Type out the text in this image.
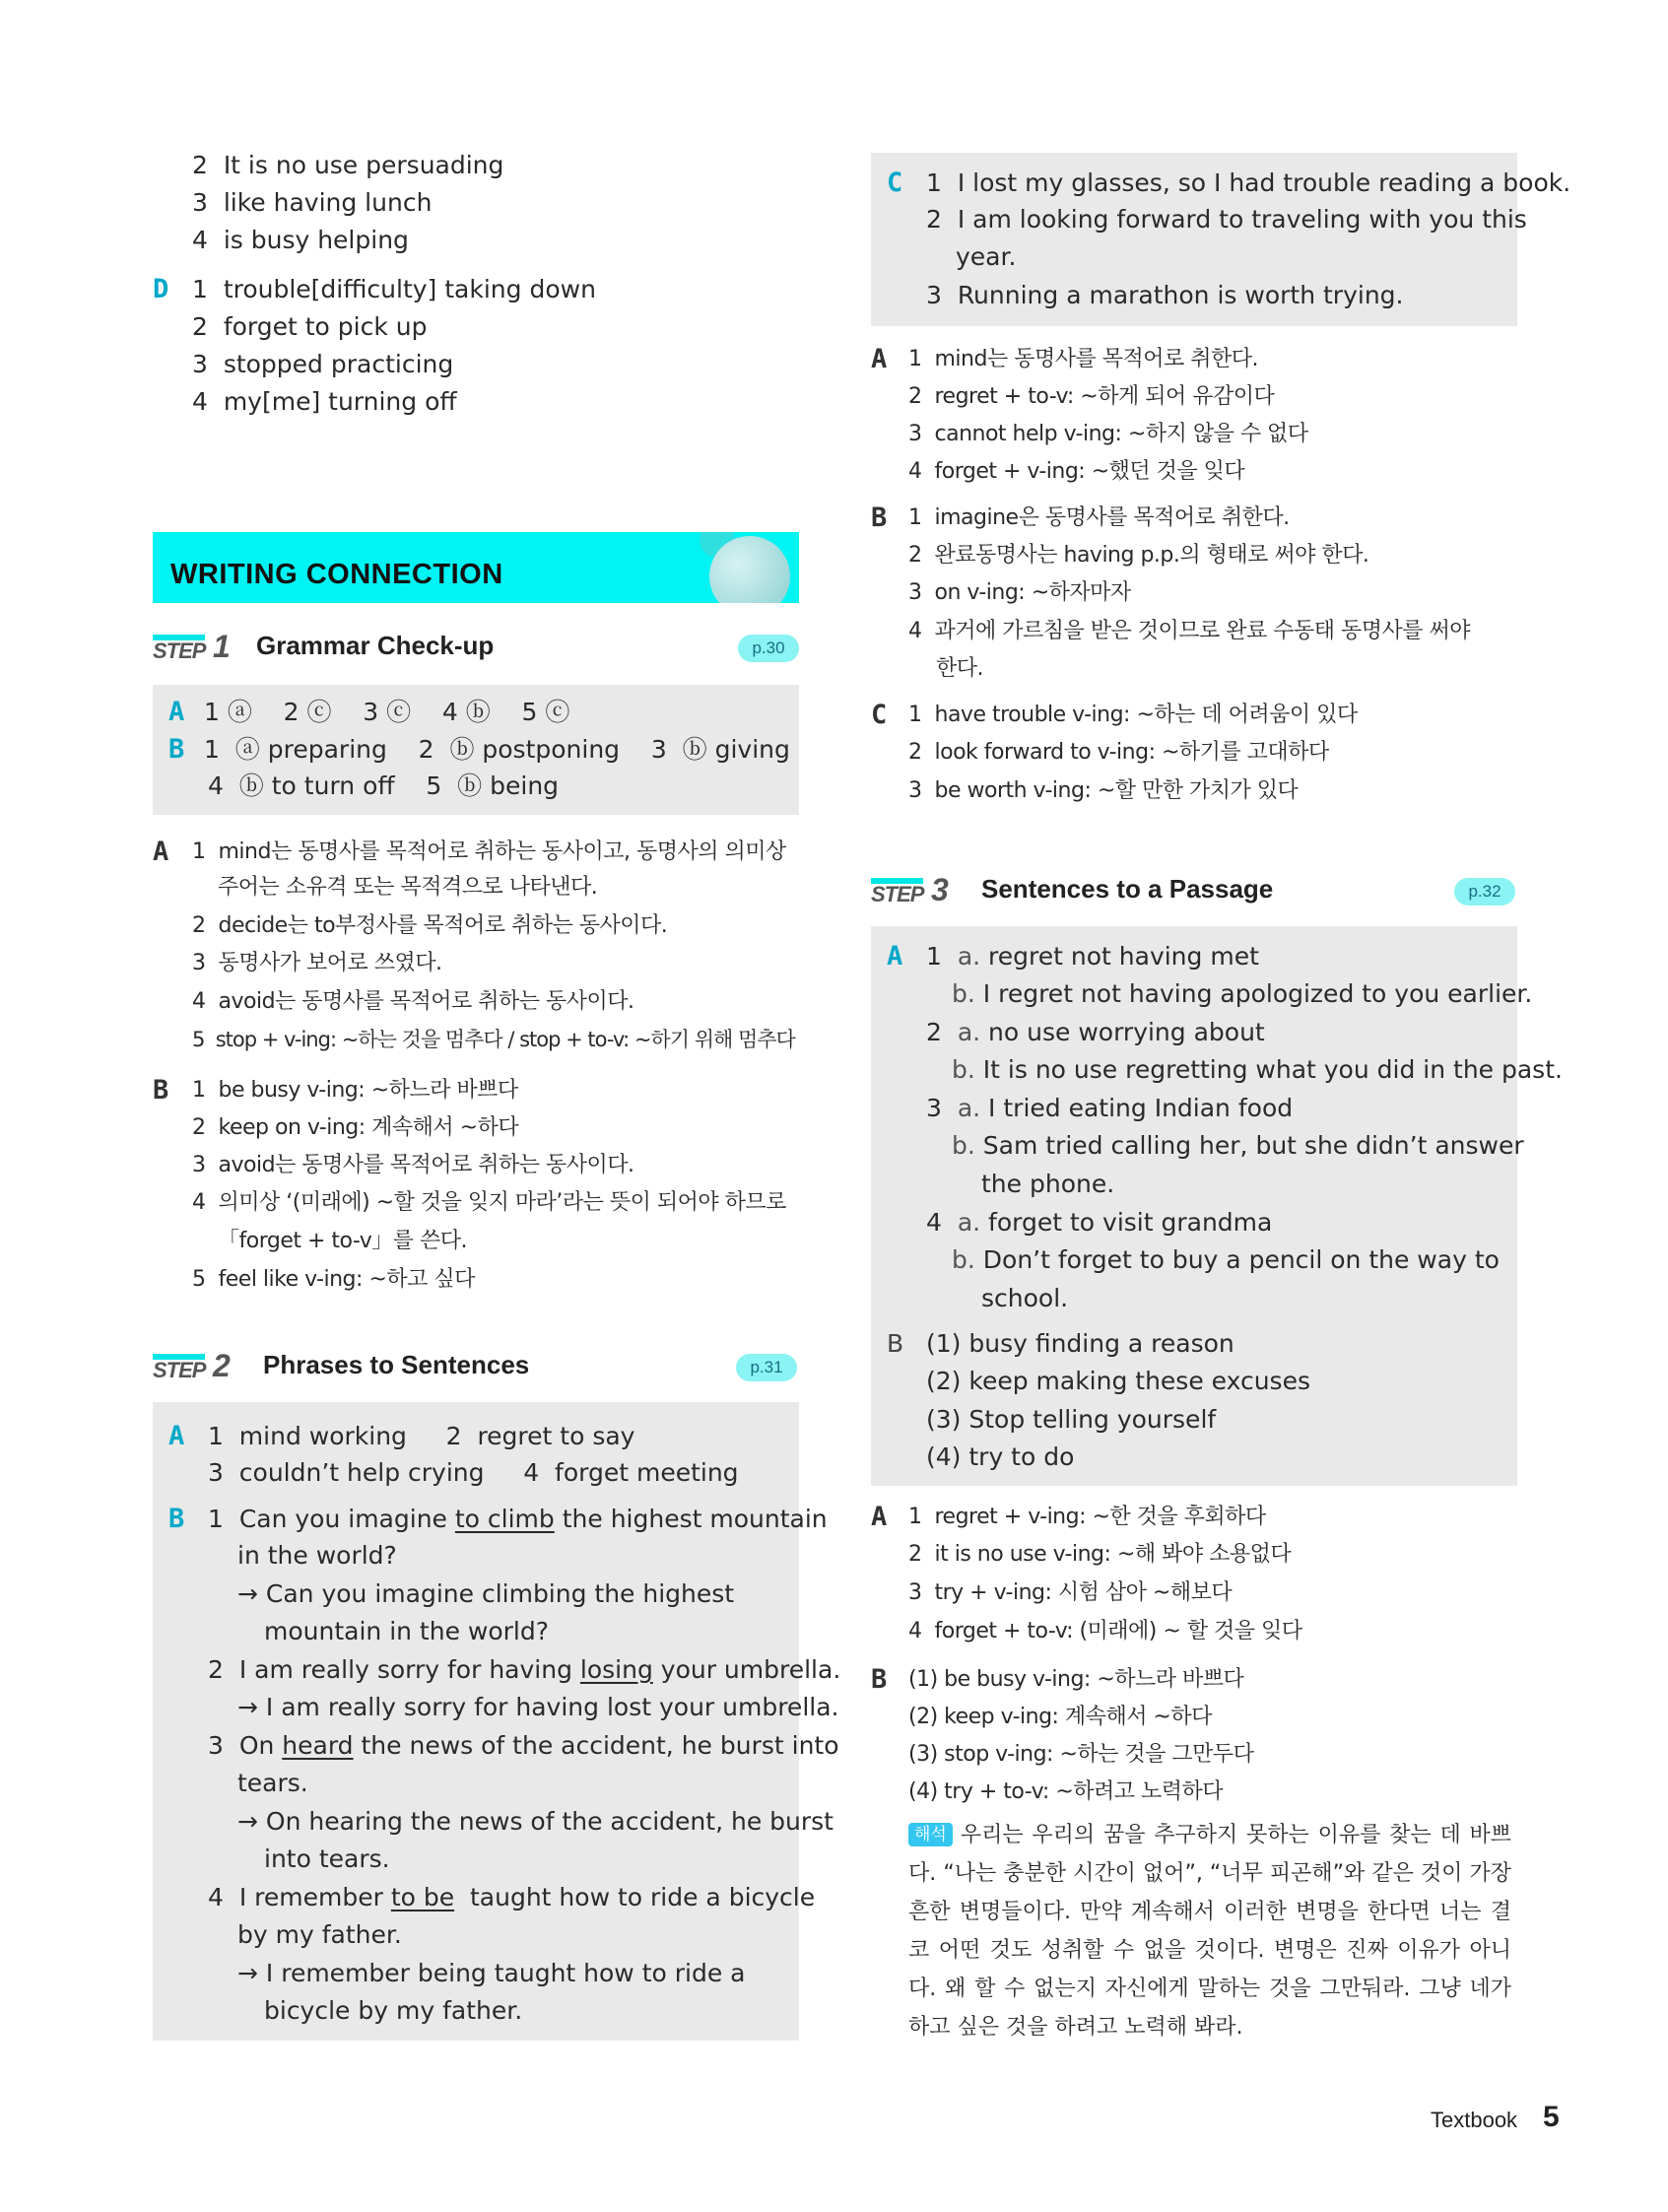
2 It is no use persuading
3 like having lunch
4 is busy helping
D 1 trouble[difficulty] taking down
2 forget to pick up
3 stopped practicing
4 my[me] turning off
WRITING CONNECTION
STEP 1 Grammar Check-up	p.30
A 1 ⓐ    2 ⓒ    3 ⓒ    4 ⓑ    5 ⓒ
B 1  ⓐ preparing    2  ⓑ postponing    3  ⓑ giving
4  ⓑ to turn off    5  ⓑ being
A 1 mind는 동명사를 목적어로 취하는 동사이고, 동명사의 의미상
주어는 소유격 또는 목적격으로 나타낸다.
2 decide는 to부정사를 목적어로 취하는 동사이다.
3 동명사가 보어로 쓰였다.
4 avoid는 동명사를 목적어로 취하는 동사이다.
5 stop + v-ing: ~하는 것을 멈추다 / stop + to-v: ~하기 위해 멈추다
B 1 be busy v-ing: ~하느라 바쁘다
2 keep on v-ing: 계속해서 ~하다
3 avoid는 동명사를 목적어로 취하는 동사이다.
4 의미상 ‘(미래에) ~할 것을 잊지 마라’라는 뜻이 되어야 하므로
「forget + to-v」를 쓴다.
5 feel like v-ing: ~하고 싶다
STEP 2 Phrases to Sentences	p.31
A 1  mind working     2  regret to say
3  couldn’t help crying     4  forget meeting
B 1  Can you imagine to climb the highest mountain
in the world?
→ Can you imagine climbing the highest
mountain in the world?
2  I am really sorry for having losing your umbrella.
→ I am really sorry for having lost your umbrella.
3  On heard the news of the accident, he burst into
tears.
→ On hearing the news of the accident, he burst
into tears.
4  I remember to be  taught how to ride a bicycle
by my father.
→ I remember being taught how to ride a
bicycle by my father.
C 1 I lost my glasses, so I had trouble reading a book.
2 I am looking forward to traveling with you this
year.
3 Running a marathon is worth trying.
A 1 mind는 동명사를 목적어로 취한다.
2 regret + to-v: ~하게 되어 유감이다
3 cannot help v-ing: ~하지 않을 수 없다
4 forget + v-ing: ~했던 것을 잊다
B 1 imagine은 동명사를 목적어로 취한다.
2 완료동명사는 having p.p.의 형태로 써야 한다.
3 on v-ing: ~하자마자
4 과거에 가르침을 받은 것이므로 완료 수동태 동명사를 써야
한다.
C 1 have trouble v-ing: ~하는 데 어려움이 있다
2 look forward to v-ing: ~하기를 고대하다
3 be worth v-ing: ~할 만한 가치가 있다
STEP 3 Sentences to a Passage	p.32
A 1 a. regret not having met
b. I regret not having apologized to you earlier.
2 a. no use worrying about
b. It is no use regretting what you did in the past.
3 a. I tried eating Indian food
b. Sam tried calling her, but she didn’t answer
the phone.
4 a. forget to visit grandma
b. Don’t forget to buy a pencil on the way to
school.
B (1) busy finding a reason
(2) keep making these excuses
(3) Stop telling yourself
(4) try to do
A 1 regret + v-ing: ~한 것을 후회하다
2 it is no use v-ing: ~해 봐야 소용없다
3 try + v-ing: 시험 삼아 ~해보다
4 forget + to-v: (미래에) ~ 할 것을 잊다
B (1) be busy v-ing: ~하느라 바쁘다
(2) keep v-ing: 계속해서 ~하다
(3) stop v-ing: ~하는 것을 그만두다
(4) try + to-v: ~하려고 노력하다
해석 우리는 우리의 꿈을 추구하지 못하는 이유를 찾는 데 바쁘다. “나는 충분한 시간이 없어”, “너무 피곤해”와 같은 것이 가장 흔한 변명들이다. 만약 계속해서 이러한 변명을 한다면 너는 결코 어떤 것도 성취할 수 없을 것이다. 변명은 진짜 이유가 아니다. 왜 할 수 없는지 자신에게 말하는 것을 그만둬라. 그냥 네가 하고 싶은 것을 하려고 노력해 봐라.
Textbook 5
